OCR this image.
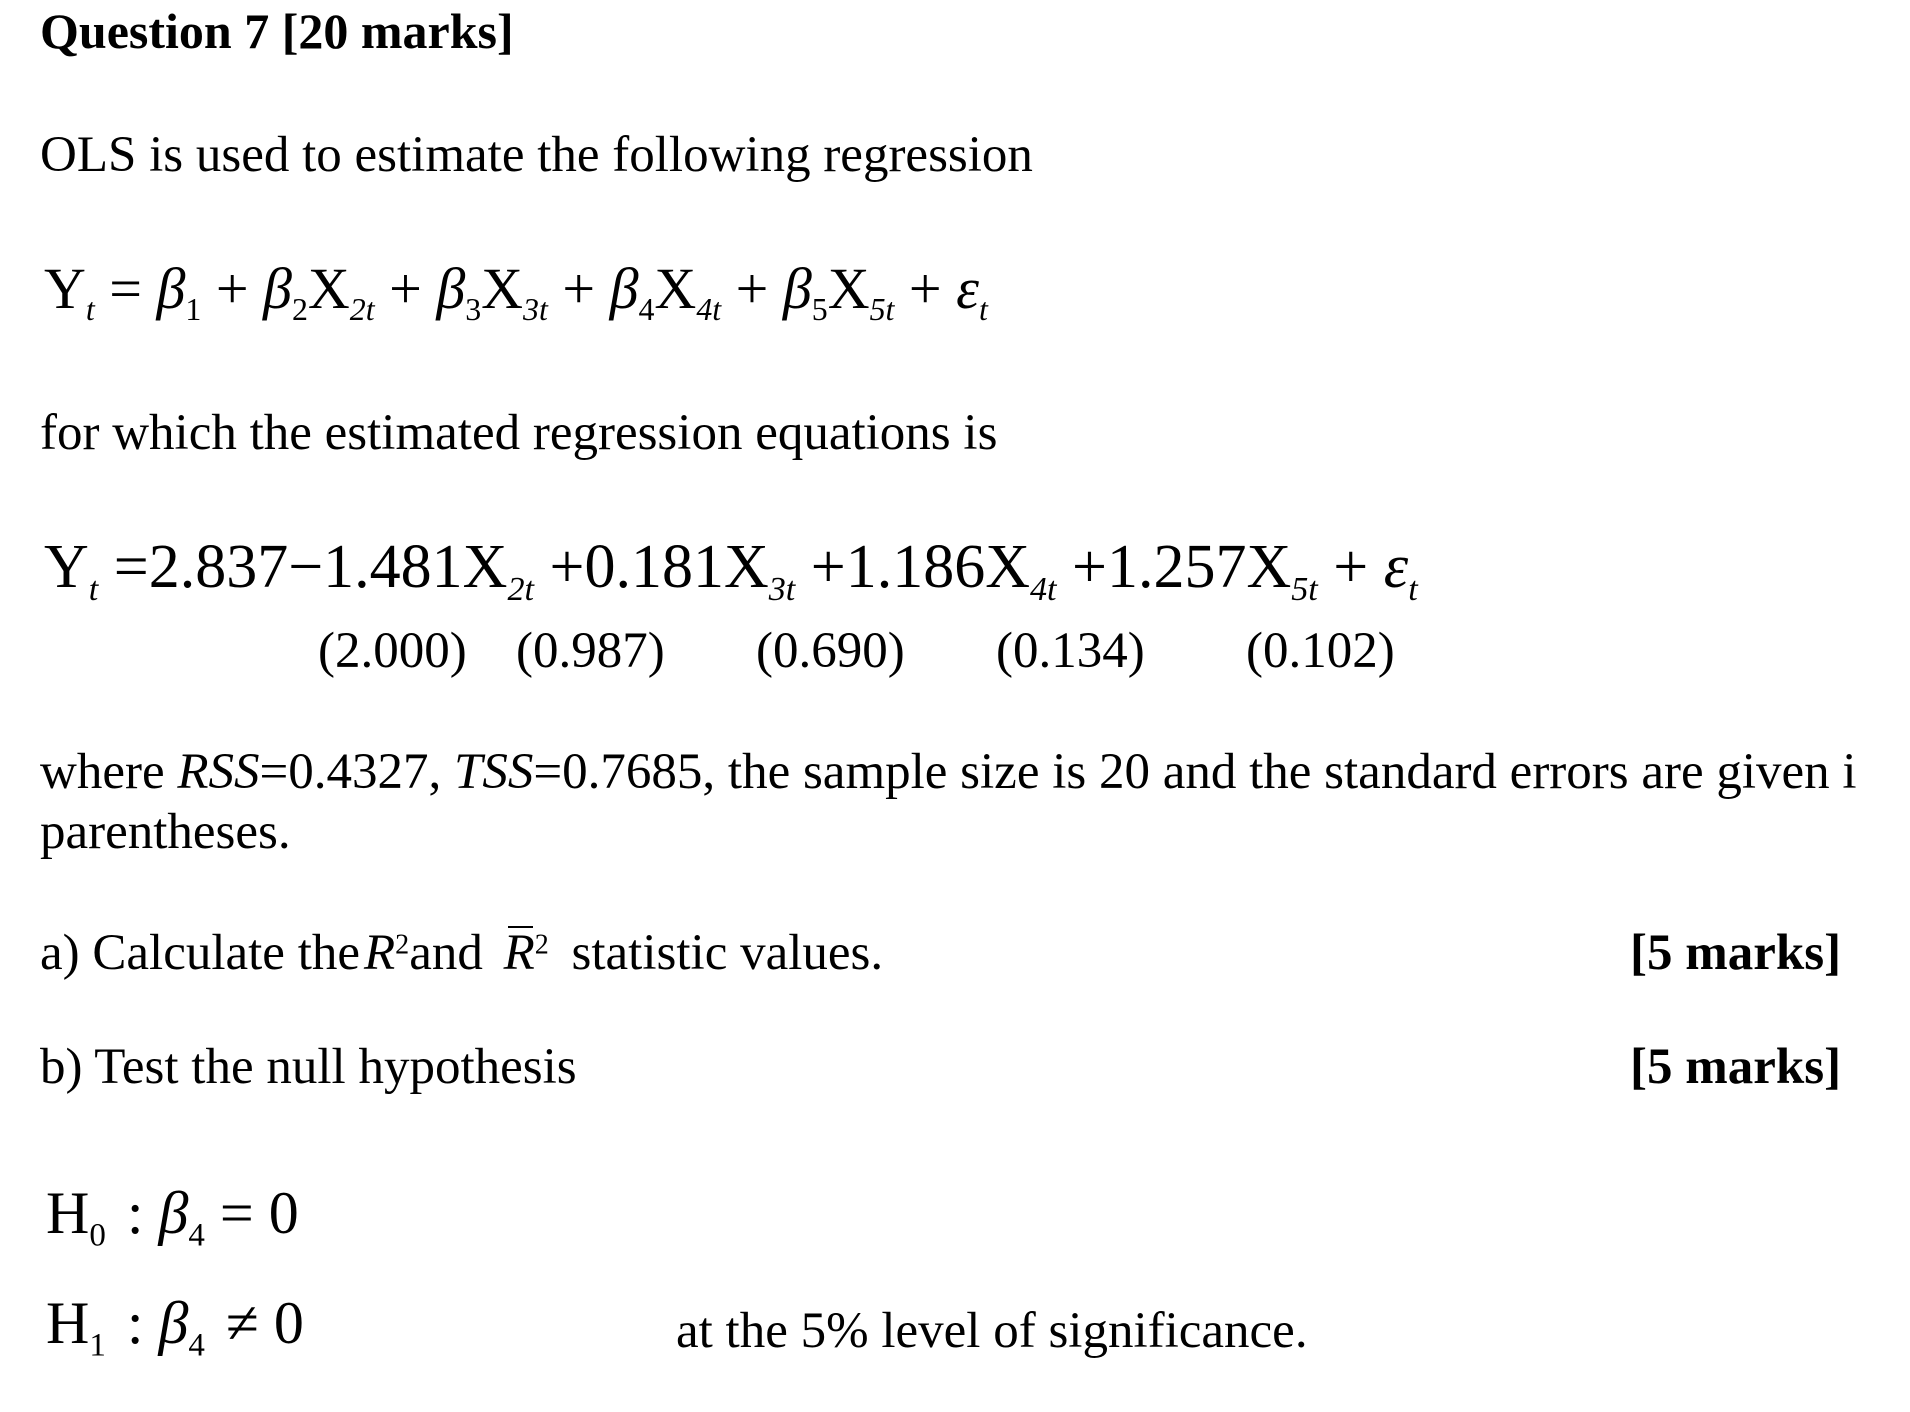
Question 7 [20 marks]
OLS is used to estimate the following regression
$Y_t = \beta_1 + \beta_2X_{2t} + \beta_3X_{3t} + \beta_4X_{4t} + \beta_5X_{5t} + \varepsilon_t$
for which the estimated regression equations is
$Y_t =2.837-1.481X_{2t} +0.181X_{3t} +1.186X_{4t} +1.257X_{5t} + \varepsilon_t$
(2.000) (0.987) (0.690) (0.134) (0.102)
where RSS=0.4327, TSS=0.7685, the sample size is 20 and the standard errors are given i
parentheses.
a) Calculate theR$^2$and $R^2$ statistic values.	[5 marks]
b) Test the null hypothesis	[5 marks]
$H_0$ : $\beta_4 = 0$
$H_1$ : $\beta_4 \ne 0$	at the 5% level of significance.
